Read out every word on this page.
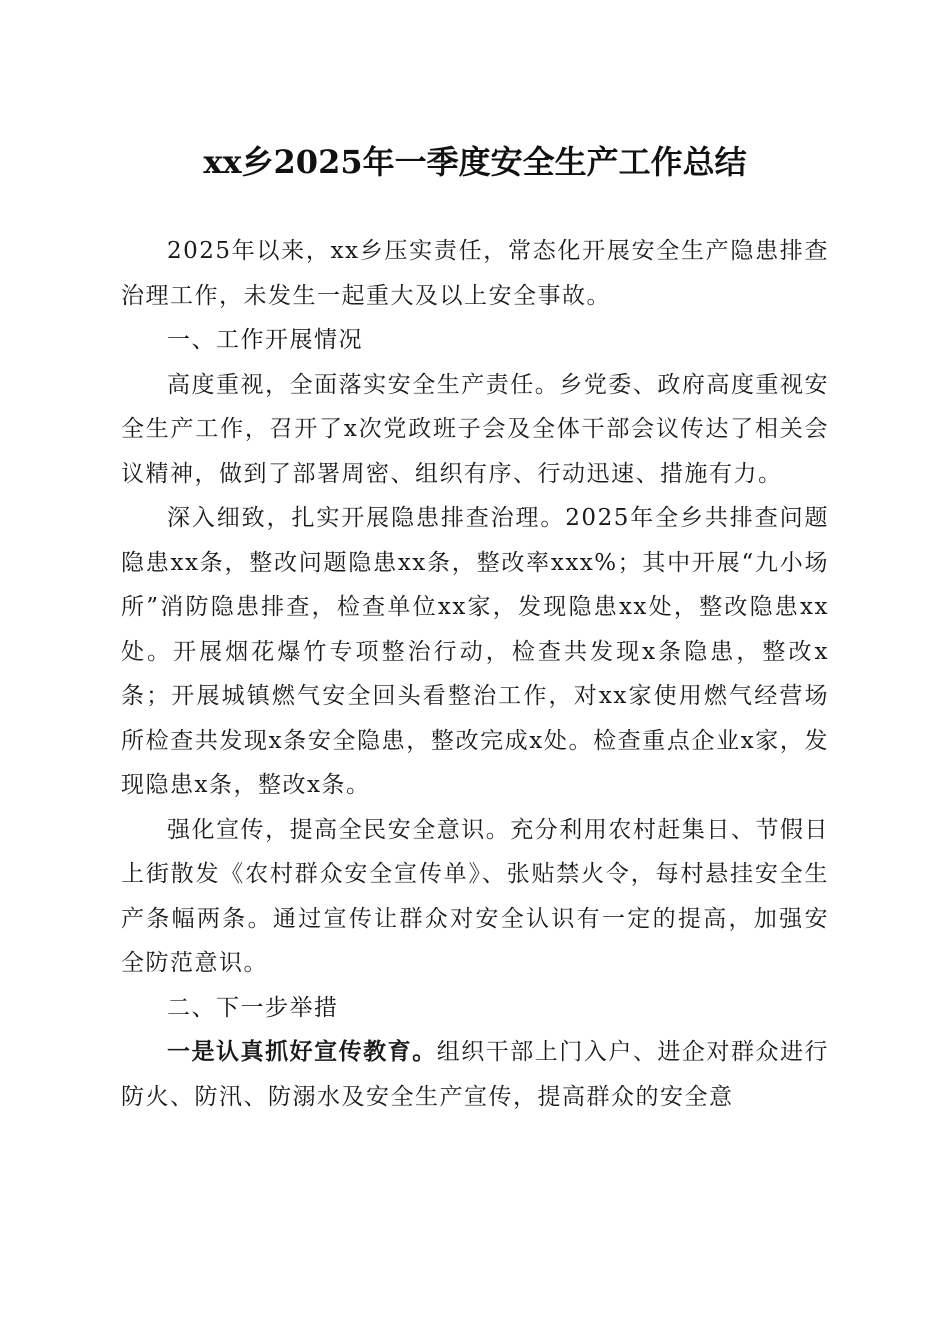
xx乡2025年一季度安全生产工作总结

2025年以来，xx乡压实责任，常态化开展安全生产隐患排查治理工作，未发生一起重大及以上安全事故。

一、工作开展情况

高度重视，全面落实安全生产责任。乡党委、政府高度重视安全生产工作，召开了x次党政班子会及全体干部会议传达了相关会议精神，做到了部署周密、组织有序、行动迅速、措施有力。

深入细致，扎实开展隐患排查治理。2025年全乡共排查问题隐患xx条，整改问题隐患xx条，整改率xxx%；其中开展“九小场所”消防隐患排查，检查单位xx家，发现隐患xx处，整改隐患xx处。开展烟花爆竹专项整治行动，检查共发现x条隐患，整改x条；开展城镇燃气安全回头看整治工作，对xx家使用燃气经营场所检查共发现x条安全隐患，整改完成x处。检查重点企业x家，发现隐患x条，整改x条。

强化宣传，提高全民安全意识。充分利用农村赶集日、节假日上街散发《农村群众安全宣传单》、张贴禁火令，每村悬挂安全生产条幅两条。通过宣传让群众对安全认识有一定的提高，加强安全防范意识。

二、下一步举措

一是认真抓好宣传教育。组织干部上门入户、进企对群众进行防火、防汛、防溺水及安全生产宣传，提高群众的安全意
